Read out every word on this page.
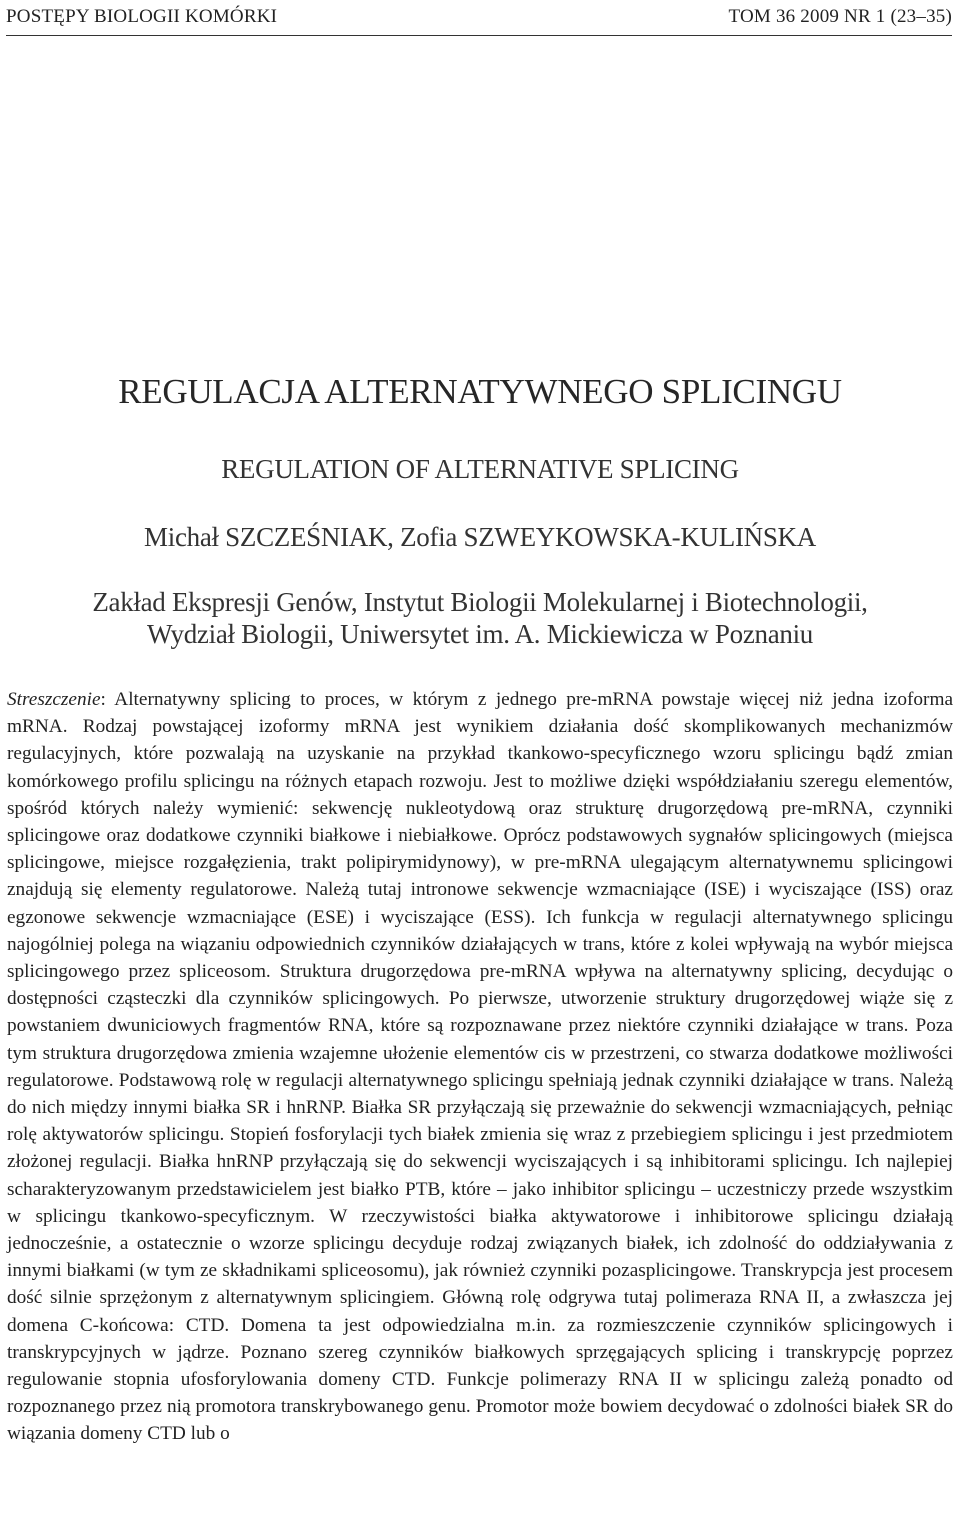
POSTĘPY BIOLOGII KOMÓRKI	TOM 36 2009 NR 1 (23–35)
REGULACJA ALTERNATYWNEGO SPLICINGU
REGULATION OF ALTERNATIVE SPLICING
Michał SZCZEŚNIAK, Zofia SZWEYKOWSKA-KULIŃSKA
Zakład Ekspresji Genów, Instytut Biologii Molekularnej i Biotechnologii,
Wydział Biologii, Uniwersytet im. A. Mickiewicza w Poznaniu

Streszczenie: Alternatywny splicing to proces, w którym z jednego pre-mRNA powstaje więcej niż jedna izoforma mRNA. Rodzaj powstającej izoformy mRNA jest wynikiem działania dość skomplikowanych mechanizmów regulacyjnych, które pozwalają na uzyskanie na przykład tkankowo-specyficznego wzoru splicingu bądź zmian komórkowego profilu splicingu na różnych etapach rozwoju. Jest to możliwe dzięki współdziałaniu szeregu elementów, spośród których należy wymienić: sekwencję nukleotydową oraz strukturę drugorzędową pre-mRNA, czynniki splicingowe oraz dodatkowe czynniki białkowe i niebiałkowe. Oprócz podstawowych sygnałów splicingowych (miejsca splicingowe, miejsce rozgałęzienia, trakt polipirymidynowy), w pre-mRNA ulegającym alternatywnemu splicingowi znajdują się elementy regulatorowe. Należą tutaj intronowe sekwencje wzmacniające (ISE) i wyciszające (ISS) oraz egzonowe sekwencje wzmacniające (ESE) i wyciszające (ESS). Ich funkcja w regulacji alternatywnego splicingu najogólniej polega na wiązaniu odpowiednich czynników działających w trans, które z kolei wpływają na wybór miejsca splicingowego przez spliceosom. Struktura drugorzędowa pre-mRNA wpływa na alternatywny splicing, decydując o dostępności cząsteczki dla czynników splicingowych. Po pierwsze, utworzenie struktury drugorzędowej wiąże się z powstaniem dwuniciowych fragmentów RNA, które są rozpoznawane przez niektóre czynniki działające w trans. Poza tym struktura drugorzędowa zmienia wzajemne ułożenie elementów cis w przestrzeni, co stwarza dodatkowe możliwości regulatorowe. Podstawową rolę w regulacji alternatywnego splicingu spełniają jednak czynniki działające w trans. Należą do nich między innymi białka SR i hnRNP. Białka SR przyłączają się przeważnie do sekwencji wzmacniających, pełniąc rolę aktywatorów splicingu. Stopień fosforylacji tych białek zmienia się wraz z przebiegiem splicingu i jest przedmiotem złożonej regulacji. Białka hnRNP przyłączają się do sekwencji wyciszających i są inhibitorami splicingu. Ich najlepiej scharakteryzowanym przedstawicielem jest białko PTB, które – jako inhibitor splicingu – uczestniczy przede wszystkim w splicingu tkankowo-specyficznym. W rzeczywistości białka aktywatorowe i inhibitorowe splicingu działają jednocześnie, a ostatecznie o wzorze splicingu decyduje rodzaj związanych białek, ich zdolność do oddziaływania z innymi białkami (w tym ze składnikami spliceosomu), jak również czynniki pozasplicingowe. Transkrypcja jest procesem dość silnie sprzężonym z alternatywnym splicingiem. Główną rolę odgrywa tutaj polimeraza RNA II, a zwłaszcza jej domena C-końcowa: CTD. Domena ta jest odpowiedzialna m.in. za rozmieszczenie czynników splicingowych i transkrypcyjnych w jądrze. Poznano szereg czynników białkowych sprzęgających splicing i transkrypcję poprzez regulowanie stopnia ufosforylowania domeny CTD. Funkcje polimerazy RNA II w splicingu zależą ponadto od rozpoznanego przez nią promotora transkrybowanego genu. Promotor może bowiem decydować o zdolności białek SR do wiązania domeny CTD lub o
